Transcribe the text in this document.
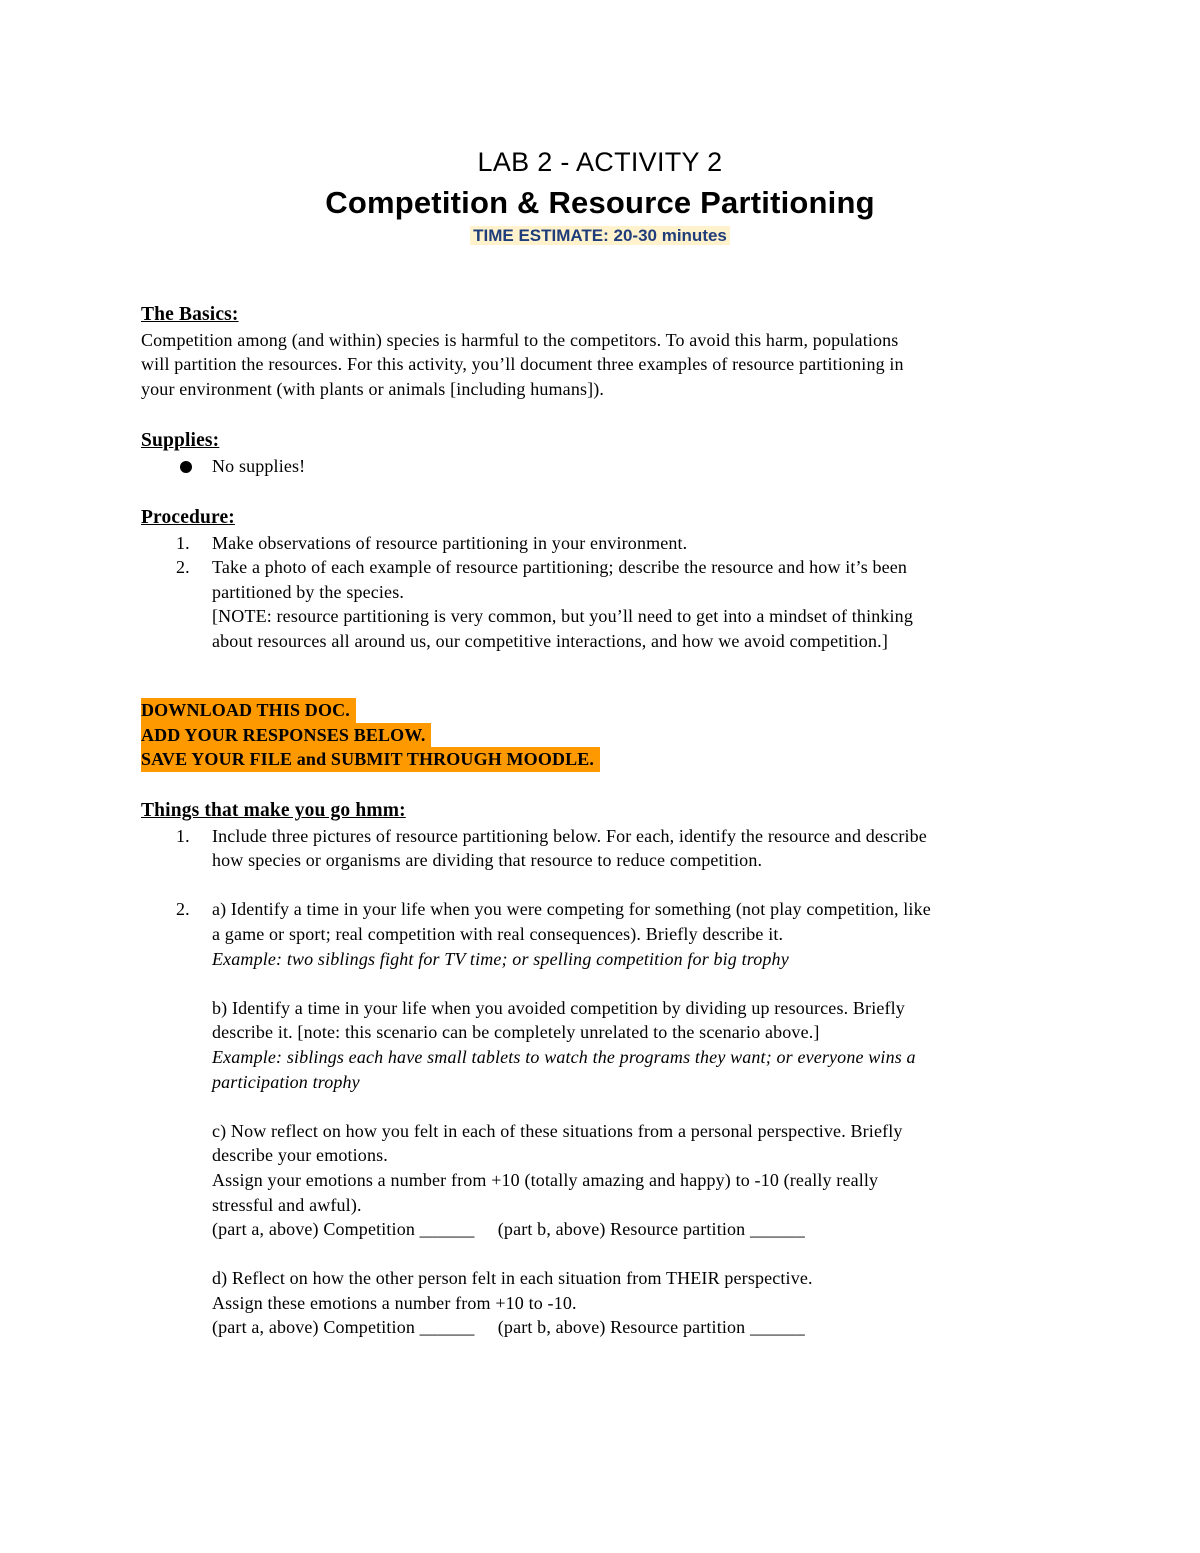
LAB 2 - ACTIVITY 2
Competition & Resource Partitioning
TIME ESTIMATE: 20-30 minutes
The Basics:

Competition among (and within) species is harmful to the competitors. To avoid this harm, populations

will partition the resources. For this activity, you’ll document three examples of resource partitioning in

your environment (with plants or animals [including humans]).

Supplies:
No supplies!
Procedure:
1. Make observations of resource partitioning in your environment.
2. Take a photo of each example of resource partitioning; describe the resource and how it’s been
partitioned by the species.
[NOTE: resource partitioning is very common, but you’ll need to get into a mindset of thinking
about resources all around us, our competitive interactions, and how we avoid competition.]
DOWNLOAD THIS DOC.
ADD YOUR RESPONSES BELOW.
SAVE YOUR FILE and SUBMIT THROUGH MOODLE.
Things that make you go hmm:
1. Include three pictures of resource partitioning below. For each, identify the resource and describe
how species or organisms are dividing that resource to reduce competition.
2. a) Identify a time in your life when you were competing for something (not play competition, like
a game or sport; real competition with real consequences). Briefly describe it.
Example: two siblings fight for TV time; or spelling competition for big trophy
b) Identify a time in your life when you avoided competition by dividing up resources. Briefly
describe it. [note: this scenario can be completely unrelated to the scenario above.]
Example: siblings each have small tablets to watch the programs they want; or everyone wins a
participation trophy
c) Now reflect on how you felt in each of these situations from a personal perspective. Briefly
describe your emotions.
Assign your emotions a number from +10 (totally amazing and happy) to -10 (really really
stressful and awful).
(part a, above) Competition ______     (part b, above) Resource partition ______
d) Reflect on how the other person felt in each situation from THEIR perspective.
Assign these emotions a number from +10 to -10.
(part a, above) Competition ______     (part b, above) Resource partition ______
